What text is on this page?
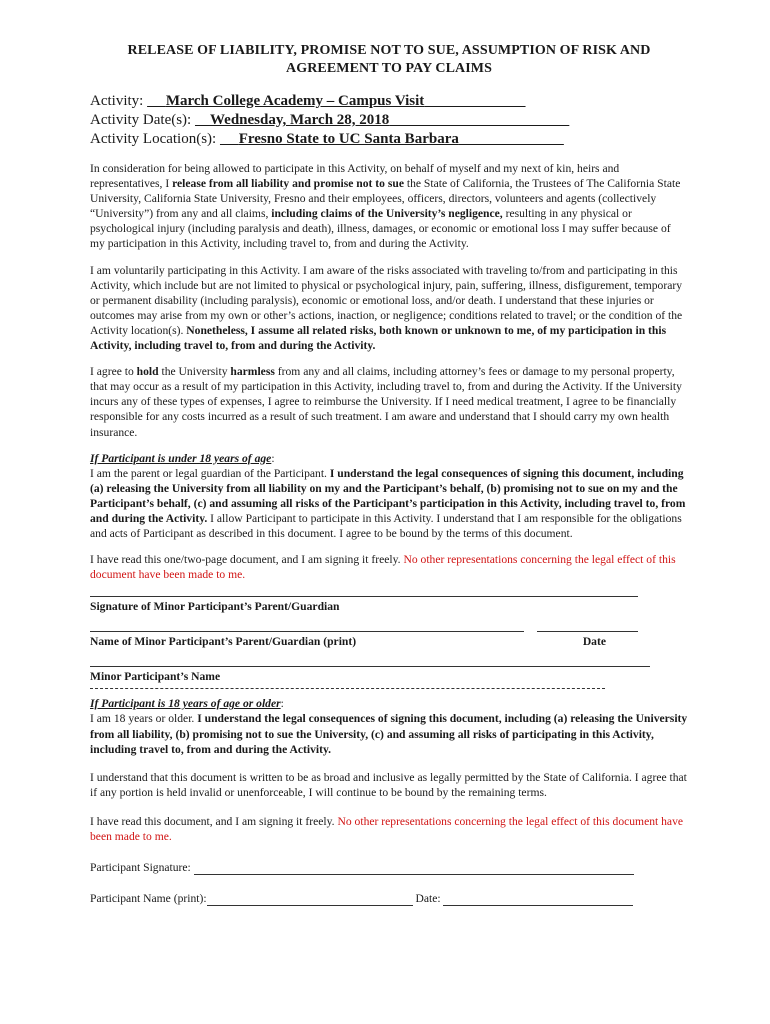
RELEASE OF LIABILITY, PROMISE NOT TO SUE, ASSUMPTION OF RISK AND
AGREEMENT TO PAY CLAIMS
Activity: March College Academy – Campus Visit
Activity Date(s): Wednesday, March 28, 2018
Activity Location(s): Fresno State to UC Santa Barbara

In consideration for being allowed to participate in this Activity, on behalf of myself and my next of kin, heirs and representatives, I release from all liability and promise not to sue the State of California, the Trustees of The California State University, California State University, Fresno and their employees, officers, directors, volunteers and agents (collectively “University”) from any and all claims, including claims of the University’s negligence, resulting in any physical or psychological injury (including paralysis and death), illness, damages, or economic or emotional loss I may suffer because of my participation in this Activity, including travel to, from and during the Activity.

I am voluntarily participating in this Activity. I am aware of the risks associated with traveling to/from and participating in this Activity, which include but are not limited to physical or psychological injury, pain, suffering, illness, disfigurement, temporary or permanent disability (including paralysis), economic or emotional loss, and/or death. I understand that these injuries or outcomes may arise from my own or other’s actions, inaction, or negligence; conditions related to travel; or the condition of the Activity location(s). Nonetheless, I assume all related risks, both known or unknown to me, of my participation in this Activity, including travel to, from and during the Activity.

I agree to hold the University harmless from any and all claims, including attorney’s fees or damage to my personal property, that may occur as a result of my participation in this Activity, including travel to, from and during the Activity. If the University incurs any of these types of expenses, I agree to reimburse the University. If I need medical treatment, I agree to be financially responsible for any costs incurred as a result of such treatment. I am aware and understand that I should carry my own health insurance.

If Participant is under 18 years of age:
I am the parent or legal guardian of the Participant. I understand the legal consequences of signing this document, including (a) releasing the University from all liability on my and the Participant’s behalf, (b) promising not to sue on my and the Participant’s behalf, (c) and assuming all risks of the Participant’s participation in this Activity, including travel to, from and during the Activity. I allow Participant to participate in this Activity. I understand that I am responsible for the obligations and acts of Participant as described in this document. I agree to be bound by the terms of this document.

I have read this one/two-page document, and I am signing it freely. No other representations concerning the legal effect of this document have been made to me.

Signature of Minor Participant’s Parent/Guardian
Name of Minor Participant’s Parent/Guardian (print)	Date
Minor Participant’s Name

If Participant is 18 years of age or older:
I am 18 years or older. I understand the legal consequences of signing this document, including (a) releasing the University from all liability, (b) promising not to sue the University, (c) and assuming all risks of participating in this Activity, including travel to, from and during the Activity.

I understand that this document is written to be as broad and inclusive as legally permitted by the State of California. I agree that if any portion is held invalid or unenforceable, I will continue to be bound by the remaining terms.

I have read this document, and I am signing it freely. No other representations concerning the legal effect of this document have been made to me.

Participant Signature:

Participant Name (print):	Date:
